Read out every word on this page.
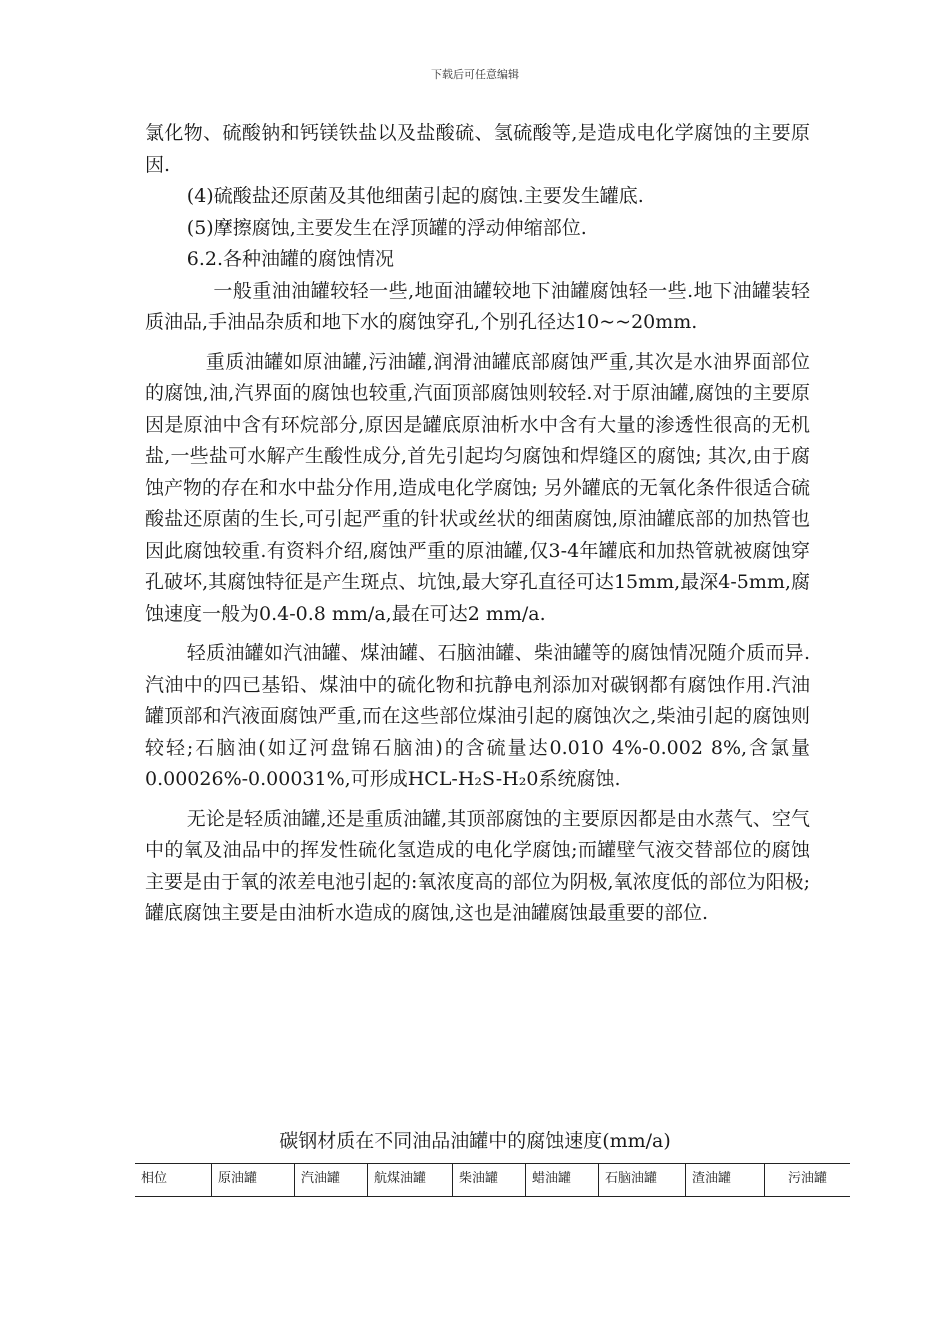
下载后可任意编辑

氯化物、硫酸钠和钙镁铁盐以及盐酸硫、氢硫酸等,是造成电化学腐蚀的主要原因.

(4)硫酸盐还原菌及其他细菌引起的腐蚀.主要发生罐底.

(5)摩擦腐蚀,主要发生在浮顶罐的浮动伸缩部位.

6.2.各种油罐的腐蚀情况

一般重油油罐较轻一些,地面油罐较地下油罐腐蚀轻一些.地下油罐装轻质油品,手油品杂质和地下水的腐蚀穿孔,个别孔径达10~~20mm.

重质油罐如原油罐,污油罐,润滑油罐底部腐蚀严重,其次是水油界面部位的腐蚀,油,汽界面的腐蚀也较重,汽面顶部腐蚀则较轻.对于原油罐,腐蚀的主要原因是原油中含有环烷部分,原因是罐底原油析水中含有大量的渗透性很高的无机盐,一些盐可水解产生酸性成分,首先引起均匀腐蚀和焊缝区的腐蚀; 其次,由于腐蚀产物的存在和水中盐分作用,造成电化学腐蚀; 另外罐底的无氧化条件很适合硫酸盐还原菌的生长,可引起严重的针状或丝状的细菌腐蚀,原油罐底部的加热管也因此腐蚀较重.有资料介绍,腐蚀严重的原油罐,仅3-4年罐底和加热管就被腐蚀穿孔破坏,其腐蚀特征是产生斑点、坑蚀,最大穿孔直径可达15mm,最深4-5mm,腐蚀速度一般为0.4-0.8 mm/a,最在可达2 mm/a.

轻质油罐如汽油罐、煤油罐、石脑油罐、柴油罐等的腐蚀情况随介质而异.汽油中的四已基铅、煤油中的硫化物和抗静电剂添加对碳钢都有腐蚀作用.汽油罐顶部和汽液面腐蚀严重,而在这些部位煤油引起的腐蚀次之,柴油引起的腐蚀则较轻;石脑油(如辽河盘锦石脑油)的含硫量达0.010 4%-0.002 8%,含氯量0.00026%-0.00031%,可形成HCL-H₂S-H₂0系统腐蚀.

无论是轻质油罐,还是重质油罐,其顶部腐蚀的主要原因都是由水蒸气、空气中的氧及油品中的挥发性硫化氢造成的电化学腐蚀;而罐壁气液交替部位的腐蚀主要是由于氧的浓差电池引起的:氧浓度高的部位为阴极,氧浓度低的部位为阳极;罐底腐蚀主要是由油析水造成的腐蚀,这也是油罐腐蚀最重要的部位.

碳钢材质在不同油品油罐中的腐蚀速度(mm/a)
相位	原油罐	汽油罐	航煤油罐	柴油罐	蜡油罐	石脑油罐	渣油罐	污油罐
